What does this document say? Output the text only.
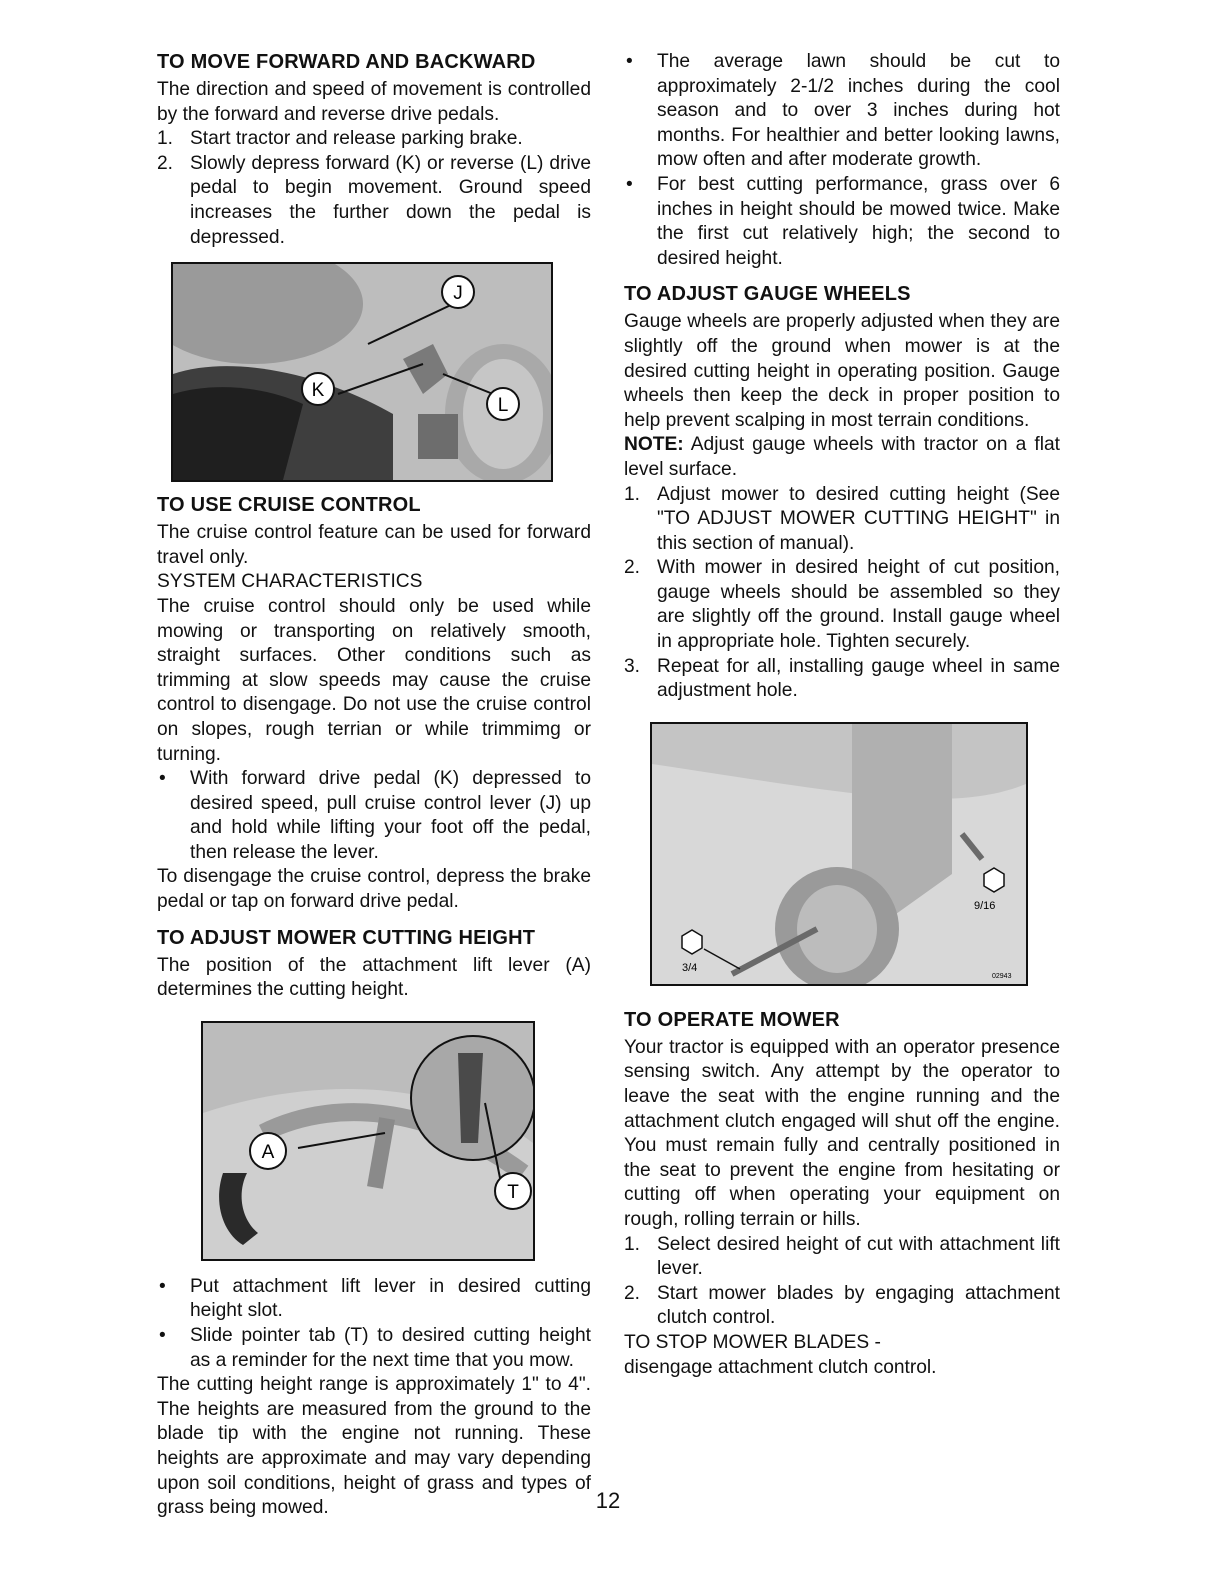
TO MOVE FORWARD AND BACKWARD

The direction and speed of movement is controlled by the forward and reverse drive pedals.

1. Start tractor and release parking brake.
2. Slowly depress forward (K) or reverse (L) drive pedal to begin movement. Ground speed increases the further down the pedal is depressed.
J
K
L
TO USE CRUISE CONTROL

The cruise control feature can be used for forward travel only.

SYSTEM CHARACTERISTICS

The cruise control should only be used while mowing or transporting on relatively smooth, straight surfaces. Other conditions such as trimming at slow speeds may cause the cruise control to disengage. Do not use the cruise control on slopes, rough terrian or while trimmimg or turning.

• With forward drive pedal (K) depressed to desired speed, pull cruise control lever (J) up and hold while lifting your foot off the pedal, then release the lever.

To disengage the cruise control, depress the brake pedal or tap on forward drive pedal.

TO ADJUST MOWER CUTTING HEIGHT

The position of the attachment lift lever (A) determines the cutting height.

A
T
• Put attachment lift lever in desired cutting height slot.
• Slide pointer tab (T) to desired cutting height as a reminder for the next time that you mow.

The cutting height range is approximately 1" to 4". The heights are measured from the ground to the blade tip with the engine not running. These heights are approximate and may vary depending upon soil conditions, height of grass and types of grass being mowed.

• The average lawn should be cut to approximately 2-1/2 inches during the cool season and to over 3 inches during hot months. For healthier and better looking lawns, mow often and after moderate growth.
• For best cutting performance, grass over 6 inches in height should be mowed twice. Make the first cut relatively high; the second to desired height.
TO ADJUST GAUGE WHEELS

Gauge wheels are properly adjusted when they are slightly off the ground when mower is at the desired cutting height in operating position. Gauge wheels then keep the deck in proper position to help prevent scalping in most terrain conditions.

NOTE: Adjust gauge wheels with tractor on a flat level surface.

1. Adjust mower to desired cutting height (See "TO ADJUST MOWER CUTTING HEIGHT" in this section of manual).
2. With mower in desired height of cut position, gauge wheels should be assembled so they are slightly off the ground. Install gauge wheel in appropriate hole. Tighten securely.
3. Repeat for all, installing gauge wheel in same adjustment hole.
9/16
3/4
02943
TO OPERATE MOWER

Your tractor is equipped with an operator presence sensing switch. Any attempt by the operator to leave the seat with the engine running and the attachment clutch engaged will shut off the engine. You must remain fully and centrally positioned in the seat to prevent the engine from hesitating or cutting off when operating your equipment on rough, rolling terrain or hills.

1. Select desired height of cut with attachment lift lever.
2. Start mower blades by engaging attachment clutch control.

TO STOP MOWER BLADES -

disengage attachment clutch control.

12
